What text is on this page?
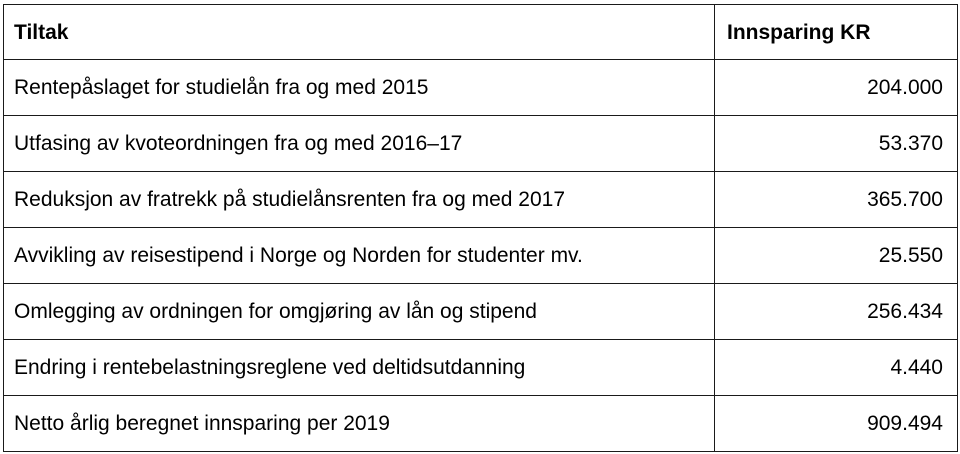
Tiltak	Innsparing KR
Rentepåslaget for studielån fra og med 2015	204.000
Utfasing av kvoteordningen fra og med 2016–17	53.370
Reduksjon av fratrekk på studielånsrenten fra og med 2017	365.700
Avvikling av reisestipend i Norge og Norden for studenter mv.	25.550
Omlegging av ordningen for omgjøring av lån og stipend	256.434
Endring i rentebelastningsreglene ved deltidsutdanning	4.440
Netto årlig beregnet innsparing per 2019	909.494
